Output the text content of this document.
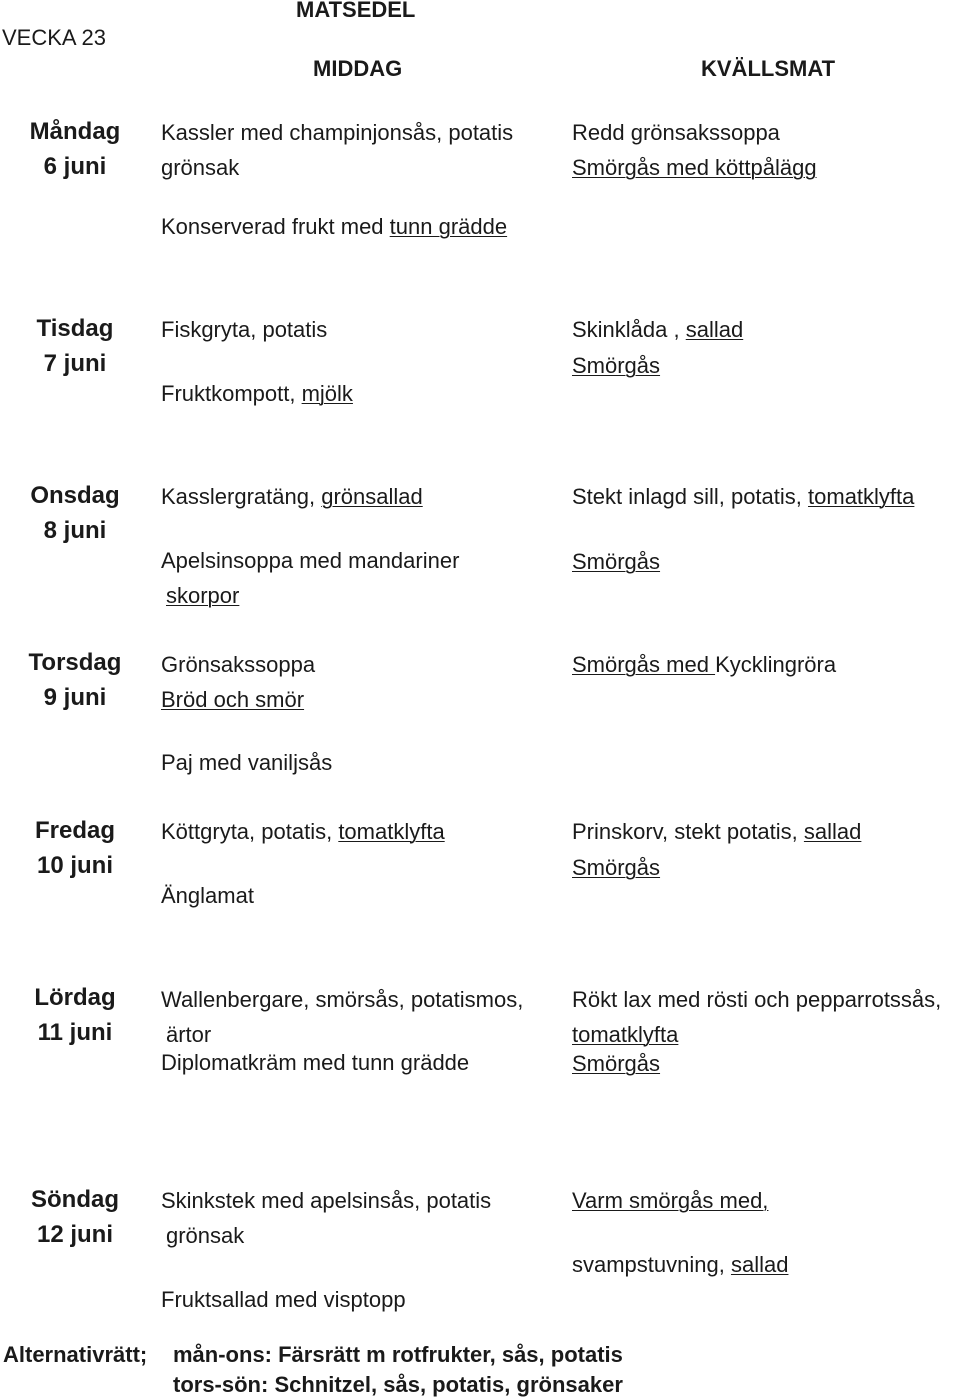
VECKA 23
MATSEDEL
MIDDAG	KVÄLLSMAT
Måndag
6 juni
Kassler med champinjonsås, potatis
grönsak
Konserverad frukt med tunn grädde
Redd grönsakssoppa
Smörgås med köttpålägg
Tisdag
7 juni
Fiskgryta, potatis
Fruktkompott, mjölk
Skinklåda , sallad
Smörgås
Onsdag
8 juni
Kasslergratäng, grönsallad
Apelsinsoppa med mandariner
skorpor
Stekt inlagd sill, potatis, tomatklyfta
Smörgås
Torsdag
9 juni
Grönsakssoppa
Bröd och smör
Paj med vaniljsås
Smörgås med Kycklingröra
Fredag
10 juni
Köttgryta, potatis, tomatklyfta
Änglamat
Prinskorv, stekt potatis, sallad
Smörgås
Lördag
11 juni
Wallenbergare, smörsås, potatismos,
ärtor
Diplomatkräm med tunn grädde
Rökt lax med rösti och pepparrotssås,
tomatklyfta
Smörgås
Söndag
12 juni
Skinkstek med apelsinsås, potatis
grönsak
Fruktsallad med visptopp
Varm smörgås med,
svampstuvning, sallad
Alternativrätt; mån-ons: Färsrätt m rotfrukter, sås, potatis
tors-sön: Schnitzel, sås, potatis, grönsaker
